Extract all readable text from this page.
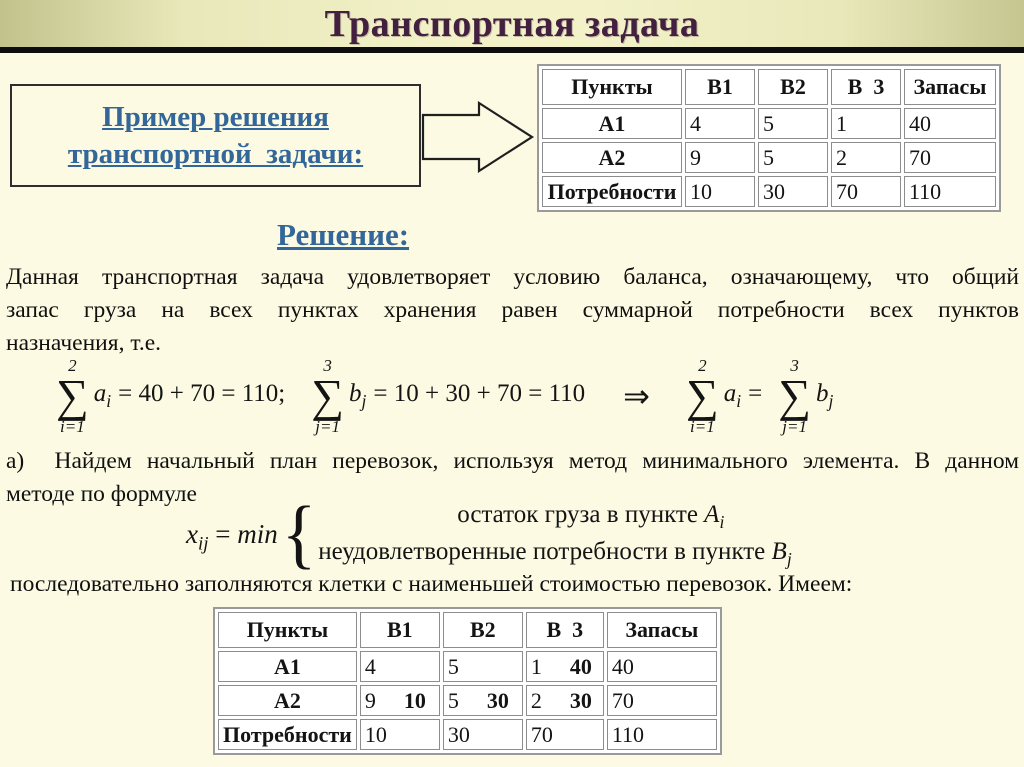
Транспортная задача
Пример решения
транспортной  задачи:
Пункты	В1	В2	В  3	Запасы
А1	4	5	1	40
А2	9	5	2	70
Потребности	10	30	70	110
Решение:
Данная транспортная задача удовлетворяет условию баланса, означающему, что общий
запас груза на всех пунктах хранения равен суммарной потребности всех пунктов
назначения, т.е.
2
∑
i=1
$a_i = 40 + 70 = 110$;
3
∑
j=1
$b_j = 10 + 30 + 70 = 110$ ⇒
2
∑
i=1
$a_i$ =
3
∑
j=1
$b_j$
а)  Найдем начальный план перевозок, используя метод минимального элемента. В данном
методе по формуле
$x_{ij} = \min$ {	остаток груза в пункте $A_i$
неудовлетворенные потребности в пункте $B_j$
последовательно заполняются клетки с наименьшей стоимостью перевозок. Имеем:
Пункты	В1	В2	В  3	Запасы
А1	4	5	1 40	40
А2	9 10	5 30	2 30	70
Потребности	10	30	70	110
